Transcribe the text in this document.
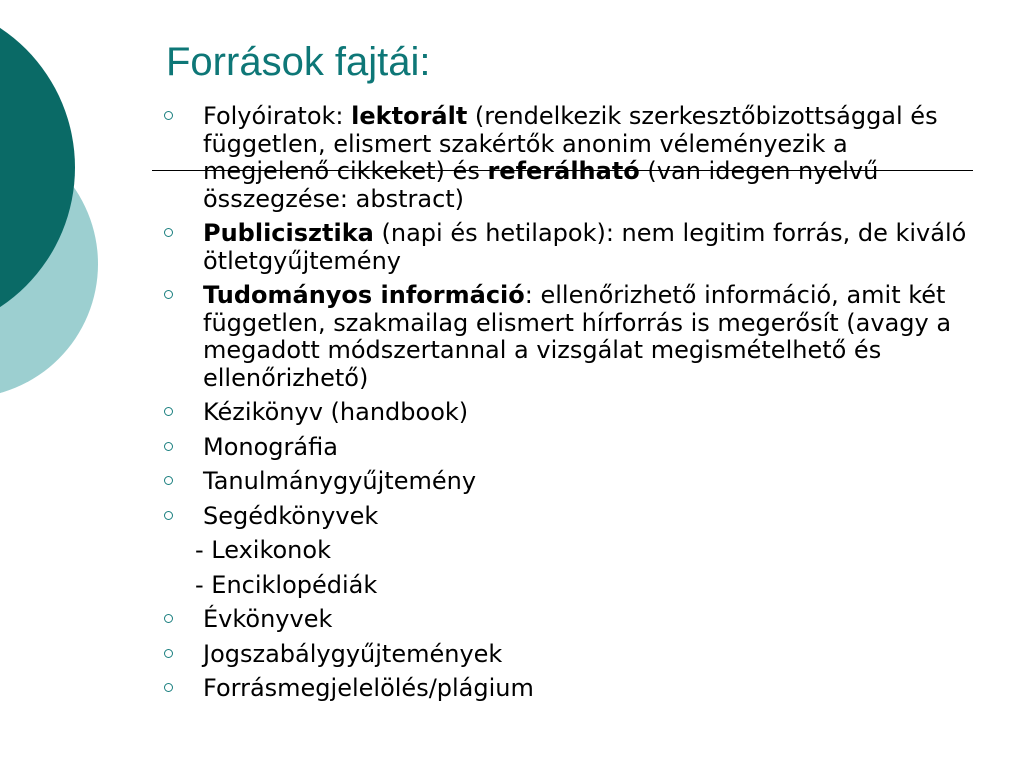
Források fajtái:
Folyóiratok: lektorált (rendelkezik szerkesztőbizottsággal és független, elismert szakértők anonim véleményezik a megjelenő cikkeket) és referálható (van idegen nyelvű összegzése: abstract)
Publicisztika (napi és hetilapok): nem legitim forrás, de kiváló ötletgyűjtemény
Tudományos információ: ellenőrizhető információ, amit két független, szakmailag elismert hírforrás is megerősít (avagy a megadott módszertannal a vizsgálat megismételhető és ellenőrizhető)
Kézikönyv (handbook)
Monográfia
Tanulmánygyűjtemény
Segédkönyvek
- Lexikonok
- Enciklopédiák
Évkönyvek
Jogszabálygyűjtemények
Forrásmegjelelölés/plágium
